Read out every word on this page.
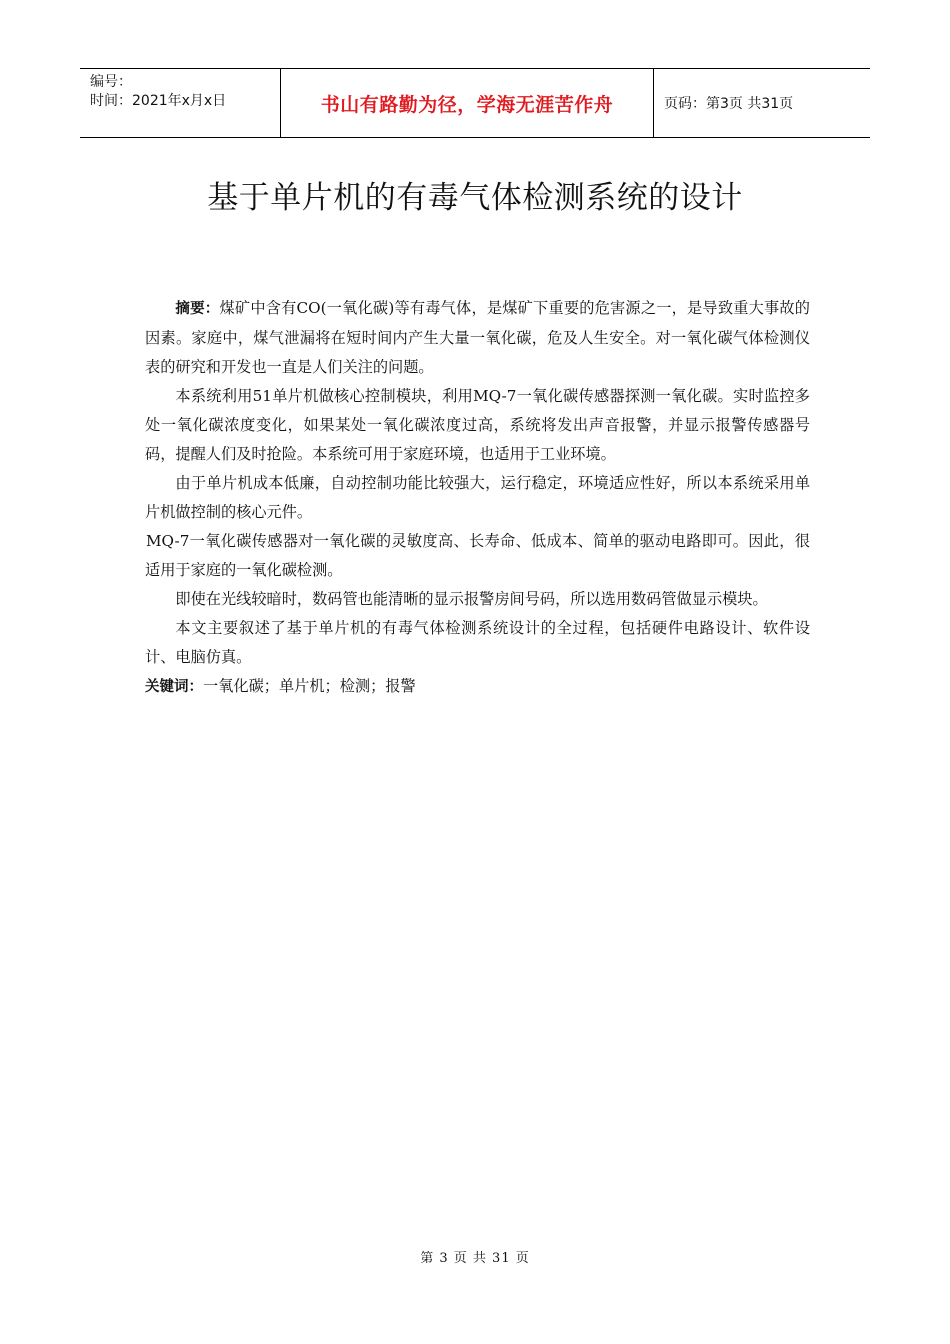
编号：
时间：2021年x月x日	书山有路勤为径，学海无涯苦作舟	页码：第3页 共31页
基于单片机的有毒气体检测系统的设计

摘要：煤矿中含有CO(一氧化碳)等有毒气体，是煤矿下重要的危害源之一，是导致重大事故的因素。家庭中，煤气泄漏将在短时间内产生大量一氧化碳，危及人生安全。对一氧化碳气体检测仪表的研究和开发也一直是人们关注的问题。

本系统利用51单片机做核心控制模块，利用MQ-7一氧化碳传感器探测一氧化碳。实时监控多处一氧化碳浓度变化，如果某处一氧化碳浓度过高，系统将发出声音报警，并显示报警传感器号码，提醒人们及时抢险。本系统可用于家庭环境，也适用于工业环境。

由于单片机成本低廉，自动控制功能比较强大，运行稳定，环境适应性好，所以本系统采用单片机做控制的核心元件。

MQ-7一氧化碳传感器对一氧化碳的灵敏度高、长寿命、低成本、简单的驱动电路即可。因此，很适用于家庭的一氧化碳检测。

即使在光线较暗时，数码管也能清晰的显示报警房间号码，所以选用数码管做显示模块。

本文主要叙述了基于单片机的有毒气体检测系统设计的全过程，包括硬件电路设计、软件设计、电脑仿真。

关键词：一氧化碳；单片机；检测；报警

第 3 页 共 31 页
